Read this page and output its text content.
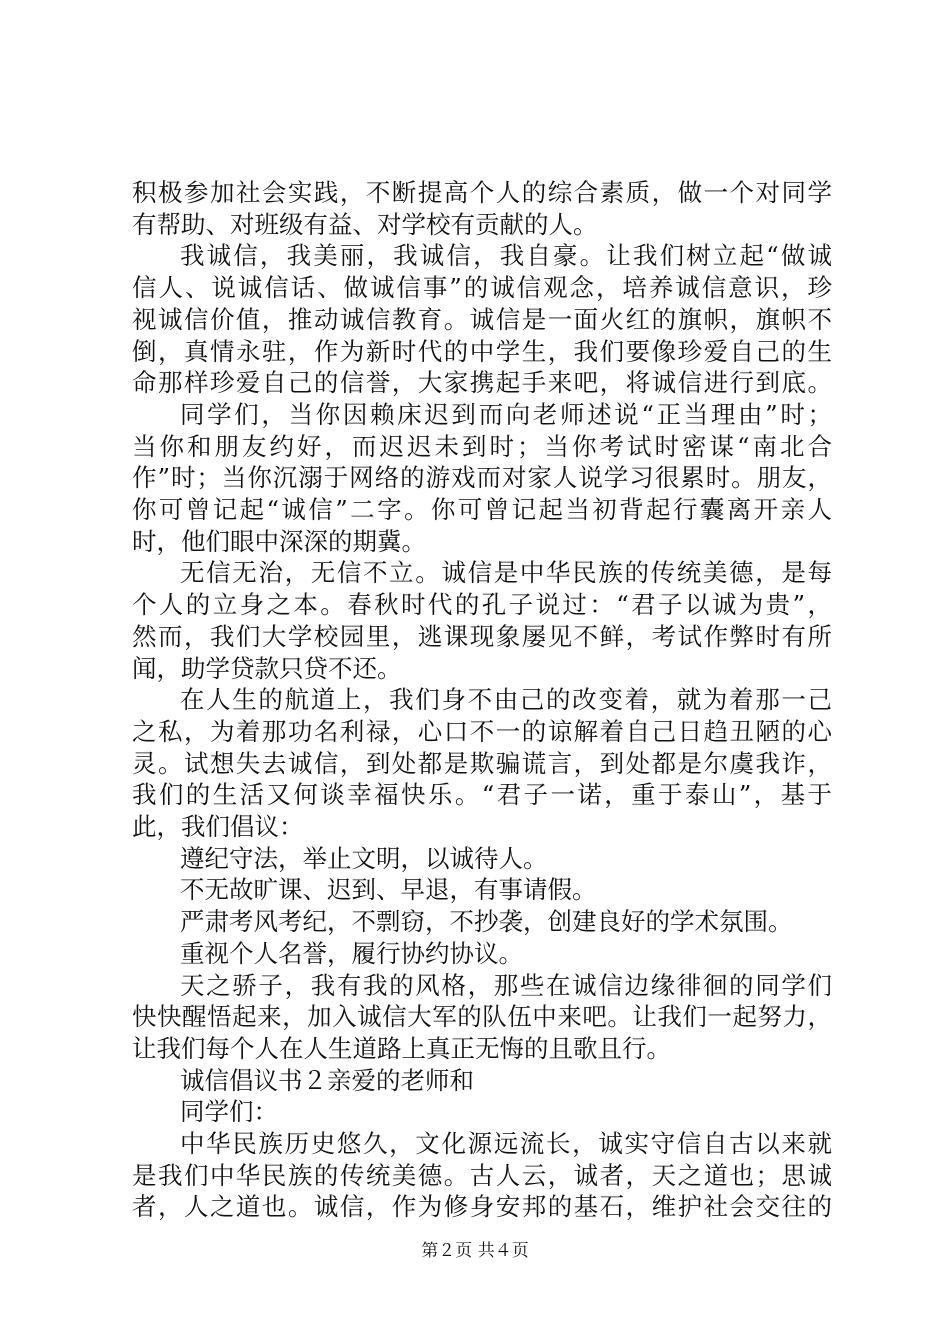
积极参加社会实践，不断提高个人的综合素质，做一个对同学
有帮助、对班级有益、对学校有贡献的人。
我诚信，我美丽，我诚信，我自豪。让我们树立起“做诚
信人、说诚信话、做诚信事”的诚信观念，培养诚信意识，珍
视诚信价值，推动诚信教育。诚信是一面火红的旗帜，旗帜不
倒，真情永驻，作为新时代的中学生，我们要像珍爱自己的生
命那样珍爱自己的信誉，大家携起手来吧，将诚信进行到底。
同学们，当你因赖床迟到而向老师述说“正当理由”时；
当你和朋友约好，而迟迟未到时；当你考试时密谋“南北合
作”时；当你沉溺于网络的游戏而对家人说学习很累时。朋友，
你可曾记起“诚信”二字。你可曾记起当初背起行囊离开亲人
时，他们眼中深深的期冀。
无信无治，无信不立。诚信是中华民族的传统美德，是每
个人的立身之本。春秋时代的孔子说过：“君子以诚为贵”，
然而，我们大学校园里，逃课现象屡见不鲜，考试作弊时有所
闻，助学贷款只贷不还。
在人生的航道上，我们身不由己的改变着，就为着那一己
之私，为着那功名利禄，心口不一的谅解着自己日趋丑陋的心
灵。试想失去诚信，到处都是欺骗谎言，到处都是尔虞我诈，
我们的生活又何谈幸福快乐。“君子一诺，重于泰山”，基于
此，我们倡议：
遵纪守法，举止文明，以诚待人。
不无故旷课、迟到、早退，有事请假。
严肃考风考纪，不剽窃，不抄袭，创建良好的学术氛围。
重视个人名誉，履行协约协议。
天之骄子，我有我的风格，那些在诚信边缘徘徊的同学们
快快醒悟起来，加入诚信大军的队伍中来吧。让我们一起努力，
让我们每个人在人生道路上真正无悔的且歌且行。
诚信倡议书２亲爱的老师和
同学们：
中华民族历史悠久，文化源远流长，诚实守信自古以来就
是我们中华民族的传统美德。古人云，诚者，天之道也；思诚
者，人之道也。诚信，作为修身安邦的基石，维护社会交往的
第２页 共４页
